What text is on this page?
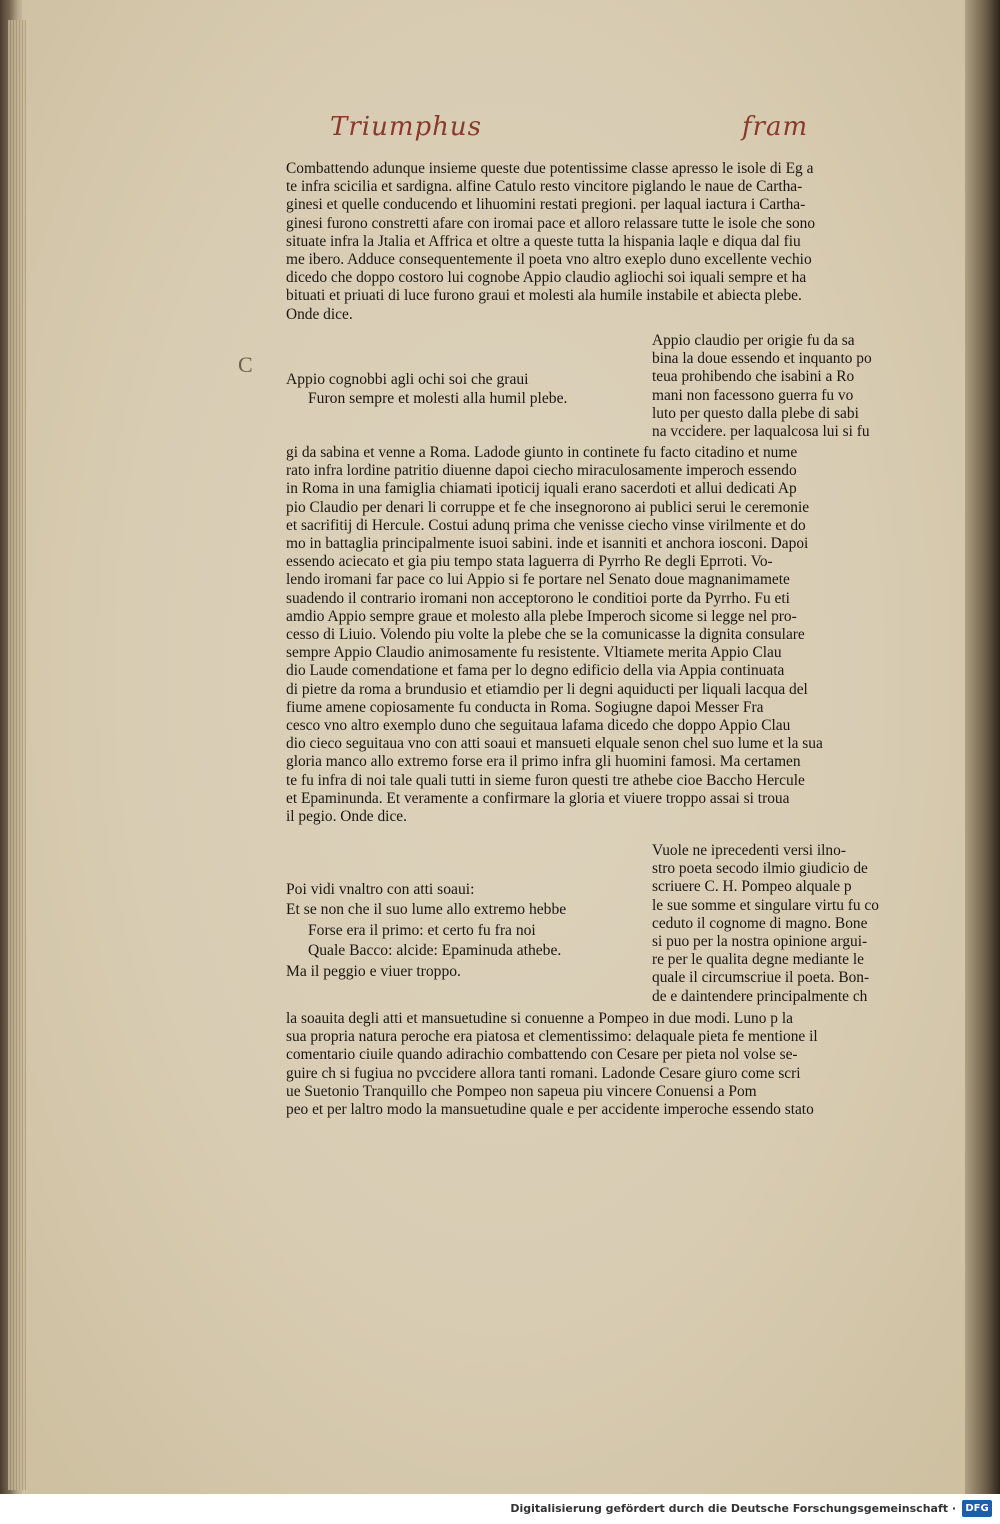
Triumphus	fram
C
Combattendo adunque insieme queste due potentissime classe apresso le isole di Eg a
te infra scicilia et sardigna. alfine Catulo resto vincitore piglando le naue de Cartha-
ginesi et quelle conducendo et lihuomini restati pregioni. per laqual iactura i Cartha-
ginesi furono constretti afare con iromai pace et alloro relassare tutte le isole che sono
situate infra la Jtalia et Affrica et oltre a queste tutta la hispania laqle e diqua dal fiu
me ibero. Adduce consequentemente il poeta vno altro exeplo duno excellente vechio
dicedo che doppo costoro lui cognobe Appio claudio agliochi soi iquali sempre et ha
bituati et priuati di luce furono graui et molesti ala humile instabile et abiecta plebe.
Onde dice.
Appio claudio per origie fu da sa
bina la doue essendo et inquanto po
teua prohibendo che isabini a Ro
mani non facessono guerra fu vo
luto per questo dalla plebe di sabi
na vccidere. per laqualcosa lui si fu
Appio cognobbi agli ochi soi che graui
Furon sempre et molesti alla humil plebe.
gi da sabina et venne a Roma. Ladode giunto in continete fu facto citadino et nume
rato infra lordine patritio diuenne dapoi ciecho miraculosamente imperoch essendo
in Roma in una famiglia chiamati ipoticij iquali erano sacerdoti et allui dedicati Ap
pio Claudio per denari li corruppe et fe che insegnorono ai publici serui le ceremonie
et sacrifitij di Hercule. Costui adunq prima che venisse ciecho vinse virilmente et do
mo in battaglia principalmente isuoi sabini. inde et isanniti et anchora iosconi. Dapoi
essendo aciecato et gia piu tempo stata laguerra di Pyrrho Re degli Eprroti. Vo-
lendo iromani far pace co lui Appio si fe portare nel Senato doue magnanimamete
suadendo il contrario iromani non acceptorono le conditioi porte da Pyrrho. Fu eti
amdio Appio sempre graue et molesto alla plebe Imperoch sicome si legge nel pro-
cesso di Liuio. Volendo piu volte la plebe che se la comunicasse la dignita consulare
sempre Appio Claudio animosamente fu resistente. Vltiamete merita Appio Clau
dio Laude comendatione et fama per lo degno edificio della via Appia continuata
di pietre da roma a brundusio et etiamdio per li degni aquiducti per liquali lacqua del
fiume amene copiosamente fu conducta in Roma. Sogiugne dapoi Messer Fra
cesco vno altro exemplo duno che seguitaua lafama dicedo che doppo Appio Clau
dio cieco seguitaua vno con atti soaui et mansueti elquale senon chel suo lume et la sua
gloria manco allo extremo forse era il primo infra gli huomini famosi. Ma certamen
te fu infra di noi tale quali tutti in sieme furon questi tre athebe cioe Baccho Hercule
et Epaminunda. Et veramente a confirmare la gloria et viuere troppo assai si troua
il pegio. Onde dice.
Vuole ne iprecedenti versi ilno-
stro poeta secodo ilmio giudicio de
scriuere C. H. Pompeo alquale p
le sue somme et singulare virtu fu co
ceduto il cognome di magno. Bone
si puo per la nostra opinione argui-
re per le qualita degne mediante le
quale il circumscriue il poeta. Bon-
de e daintendere principalmente ch
Poi vidi vnaltro con atti soaui:
Et se non che il suo lume allo extremo hebbe
Forse era il primo: et certo fu fra noi
Quale Bacco: alcide: Epaminuda athebe.
Ma il peggio e viuer troppo.
la soauita degli atti et mansuetudine si conuenne a Pompeo in due modi. Luno p la
sua propria natura peroche era piatosa et clementissimo: delaquale pieta fe mentione il
comentario ciuile quando adirachio combattendo con Cesare per pieta nol volse se-
guire ch si fugiua no pvccidere allora tanti romani. Ladonde Cesare giuro come scri
ue Suetonio Tranquillo che Pompeo non sapeua piu vincere Conuensi a Pom
peo et per laltro modo la mansuetudine quale e per accidente imperoche essendo stato
Digitalisierung gefördert durch die Deutsche Forschungsgemeinschaft · DFG
